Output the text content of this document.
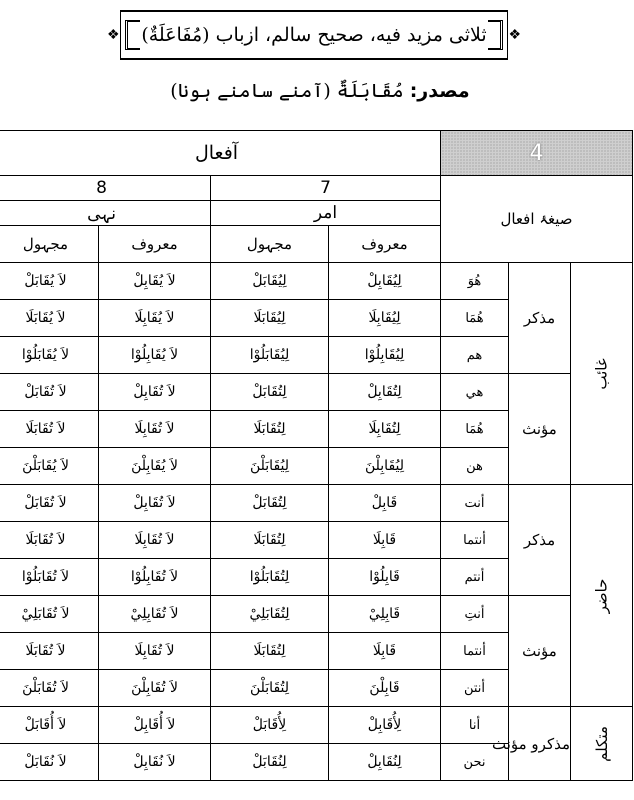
❖
ثلاثی مزید فیه، صحیح سالم، ازباب (مُفَاعَلَةٌ)
❖
مصدر: مُقَابَلَةٌ (آمنے سامنے ہونا)
4			آفعال			
صیغۂ افعال			7		8	
			امر		نہی	
			معروف	مجہول	معروف	مجہول
غائب	مذکر	هُوَ	لِيُقَابِلْ	لِيُقَابَلْ	لاَ يُقَابِلْ	لاَ يُقَابَلْ
		هُمَا	لِيُقَابِلَا	لِيُقَابَلَا	لاَ يُقَابِلَا	لاَ يُقَابَلَا
		هم	لِيُقَابِلُوْا	لِيُقَابَلُوْا	لاَ يُقَابِلُوْا	لاَ يُقَابَلُوْا
	مؤنث	هي	لِتُقَابِلْ	لِتُقَابَلْ	لاَ تُقَابِلْ	لاَ تُقَابَلْ
		هُمَا	لِتُقَابِلَا	لِتُقَابَلَا	لاَ تُقَابِلَا	لاَ تُقَابَلَا
		هن	لِيُقَابِلْنَ	لِيُقَابَلْنَ	لاَ يُقَابِلْنَ	لاَ يُقَابَلْنَ
حاضر	مذکر	أنت	قَابِلْ	لِتُقَابَلْ	لاَ تُقَابِلْ	لاَ تُقَابَلْ
		أنتما	قَابِلَا	لِتُقَابَلَا	لاَ تُقَابِلَا	لاَ تُقَابَلَا
		أنتم	قَابِلُوْا	لِتُقَابَلُوْا	لاَ تُقَابِلُوْا	لاَ تُقَابَلُوْا
	مؤنث	أنتِ	قَابِلِيْ	لِتُقَابَلِيْ	لاَ تُقَابِلِيْ	لاَ تُقَابَلِيْ
		أنتما	قَابِلَا	لِتُقَابَلَا	لاَ تُقَابِلَا	لاَ تُقَابَلَا
		أنتن	قَابِلْنَ	لِتُقَابَلْنَ	لاَ تُقَابِلْنَ	لاَ تُقَابَلْنَ
متکلم	مذکرو مؤنث	أنا	لِأُقَابِلْ	لِأُقَابَلْ	لاَ أُقَابِلْ	لاَ أُقَابَلْ
		نحن	لِنُقَابِلْ	لِنُقَابَلْ	لاَ نُقَابِلْ	لاَ نُقَابَلْ
